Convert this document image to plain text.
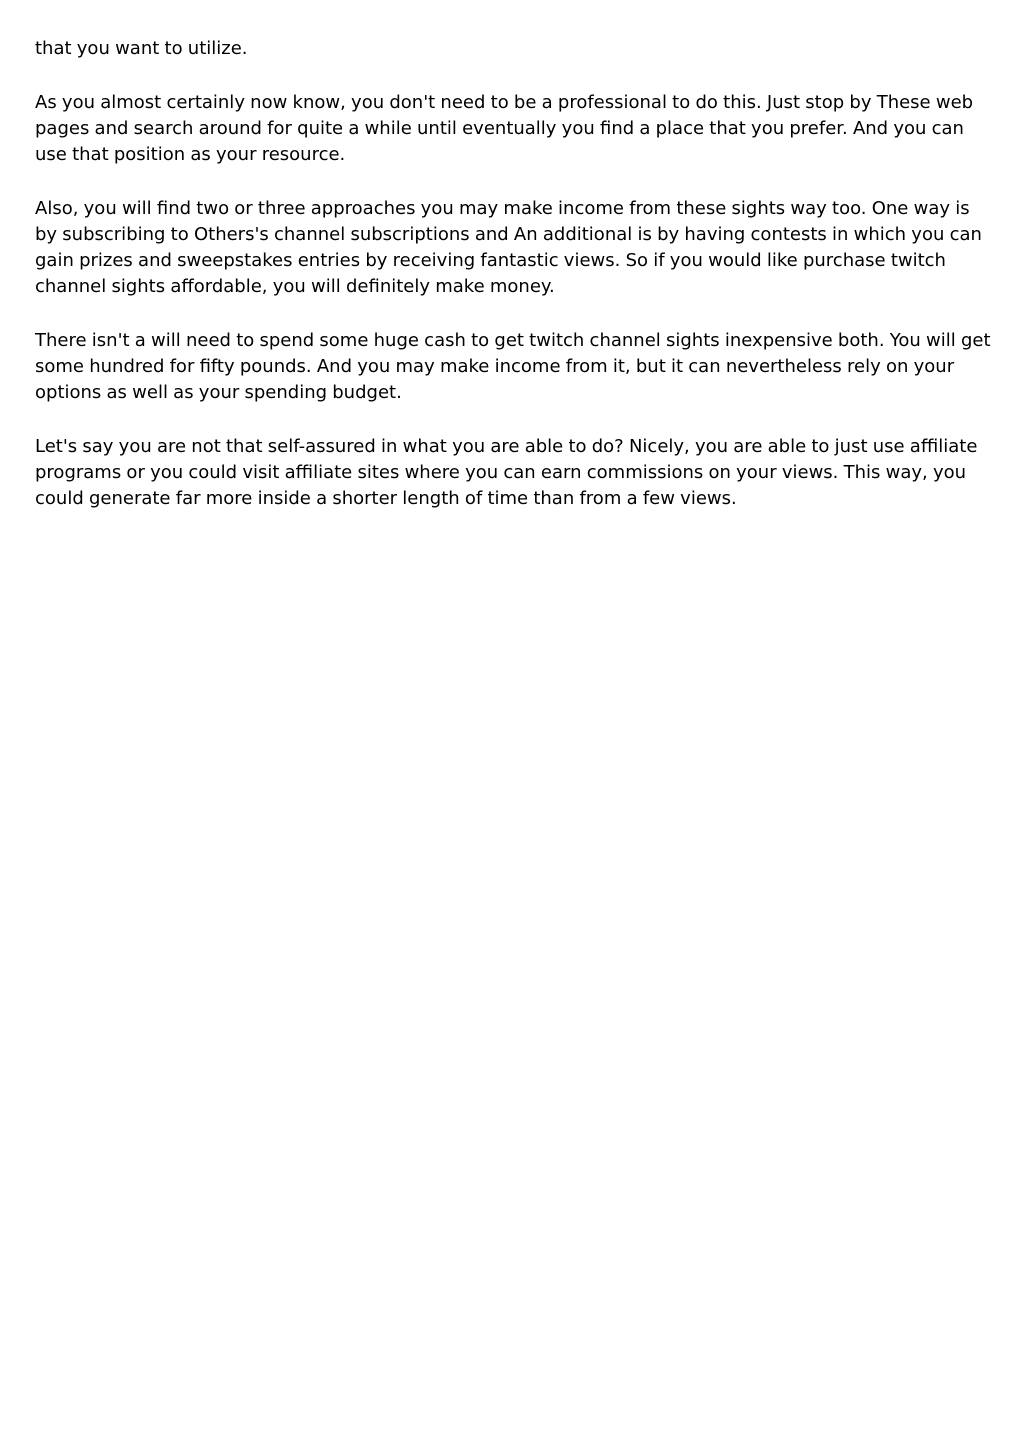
that you want to utilize.

As you almost certainly now know, you don't need to be a professional to do this. Just stop by These web pages and search around for quite a while until eventually you find a place that you prefer. And you can use that position as your resource.

Also, you will find two or three approaches you may make income from these sights way too. One way is by subscribing to Others's channel subscriptions and An additional is by having contests in which you can gain prizes and sweepstakes entries by receiving fantastic views. So if you would like purchase twitch channel sights affordable, you will definitely make money.

There isn't a will need to spend some huge cash to get twitch channel sights inexpensive both. You will get some hundred for fifty pounds. And you may make income from it, but it can nevertheless rely on your options as well as your spending budget.

Let's say you are not that self-assured in what you are able to do? Nicely, you are able to just use affiliate programs or you could visit affiliate sites where you can earn commissions on your views. This way, you could generate far more inside a shorter length of time than from a few views.
